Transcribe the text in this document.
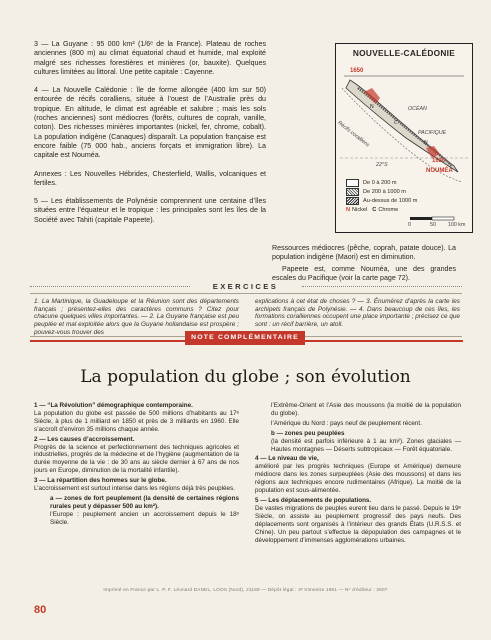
3 — La Guyane : 95 000 km² (1/6ᵉ de la France). Plateau de roches anciennes (800 m) au climat équatorial chaud et humide, mal exploité malgré ses richesses forestières et minières (or, bauxite). Quelques cultures limitées au littoral. Une petite capitale : Cayenne.

4 — La Nouvelle Calédonie : île de forme allongée (400 km sur 50) entourée de récifs coralliens, située à l’ouest de l’Australie près du tropique. En altitude, le climat est agréable et salubre ; mais les sols (roches anciennes) sont médiocres (forêts, cultures de coprah, vanille, coton). Des richesses minières importantes (nickel, fer, chrome, cobalt). La population indigène (Canaques) disparaît. La population française est encore faible (75 000 hab., anciens forçats et immigration libre). La capitale est Nouméa.

Annexes : Les Nouvelles Hébrides, Chesterfield, Wallis, volcaniques et fertiles.

5 — Les établissements de Polynésie comprennent une centaine d’îles situées entre l’équateur et le tropique : les principales sont les îles de la Société avec Tahiti (capitale Papeete).

NOUVELLE-CALÉDONIE
N
C
N
1650
OCÉAN
PACIFIQUE
Récifs coralliens
1630
22°S
NOUMÉA
De 0 à 200 m
De 200 à 1000 m
Au-dessus de 1000 m
N Nickel C Chrome
0	50 100 km

Ressources médiocres (pêche, coprah, patate douce). La population indigène (Maori) est en diminution.

Papeete est, comme Nouméa, une des grandes escales du Pacifique (voir la carte page 72).

EXERCICES
1. La Martinique, la Guadeloupe et la Réunion sont des départements français ; présentez-elles des caractères communs ? Citez pour chacune quelques villes importantes. — 2. La Guyane française est peu peuplée et mal exploitée alors que la Guyane hollandaise est prospère ; pouvez-vous trouver des
explications à cet état de choses ? — 3. Énumérez d’après la carte les archipels français de Polynésie. — 4. Dans beaucoup de ces îles, les formations coralliennes occupent une place importante ; précisez ce que sont : un récif barrière, un atoll.
NOTE COMPLÉMENTAIRE
La population du globe ; son évolution

1 — “La Révolution” démographique contemporaine.
La population du globe est passée de 500 millions d’habitants au 17ᵉ Siècle, à plus de 1 milliard en 1850 et près de 3 milliards en 1960. Elle s’accroît d’environ 35 millions chaque année.

2 — Les causes d’accroissement.
Progrès de la science et perfectionnement des techniques agricoles et industrielles, progrès de la médecine et de l’hygiène (augmentation de la durée moyenne de la vie : de 30 ans au siècle dernier à 67 ans de nos jours en Europe, diminution de la mortalité infantile).

3 — La répartition des hommes sur le globe.
L’accroissement est surtout intense dans les régions déjà très peuplées.

a — zones de fort peuplement (la densité de certaines régions rurales peut y dépasser 500 au km²).
l’Europe : peuplement ancien un accroissement depuis le 18ᵉ Siècle.

l’Extrême-Orient et l’Asie des moussons (la moitié de la population du globe).

l’Amérique du Nord : pays neuf de peuplement récent.

b — zones peu peuplées
(la densité est parfois inférieure à 1 au km²). Zones glaciales — Hautes montagnes — Déserts subtropicaux — Forêt équatoriale.

4 — Le niveau de vie,
amélioré par les progrès techniques (Europe et Amérique) demeure médiocre dans les zones surpeuplées (Asie des moussons) et dans les régions aux techniques encore rudimentaires (Afrique). La moitié de la population est sous-alimentée.

5 — Les déplacements de populations.
De vastes migrations de peuples eurent lieu dans le passé. Depuis le 19ᵉ Siècle, on assiste au peuplement progressif des pays neufs. Des déplacements sont organisés à l’intérieur des grands États (U.R.S.S. et Chine). Un peu partout s’effectue la dépopulation des campagnes et le développement d’immenses agglomérations urbaines.

Imprimé en France par L. P. F. Léonard DANEL, LOOS (Nord), 21169 — Dépôt légal : 3ᵉ trimestre 1961 — Nᵒ d’éditeur : 2607
80
